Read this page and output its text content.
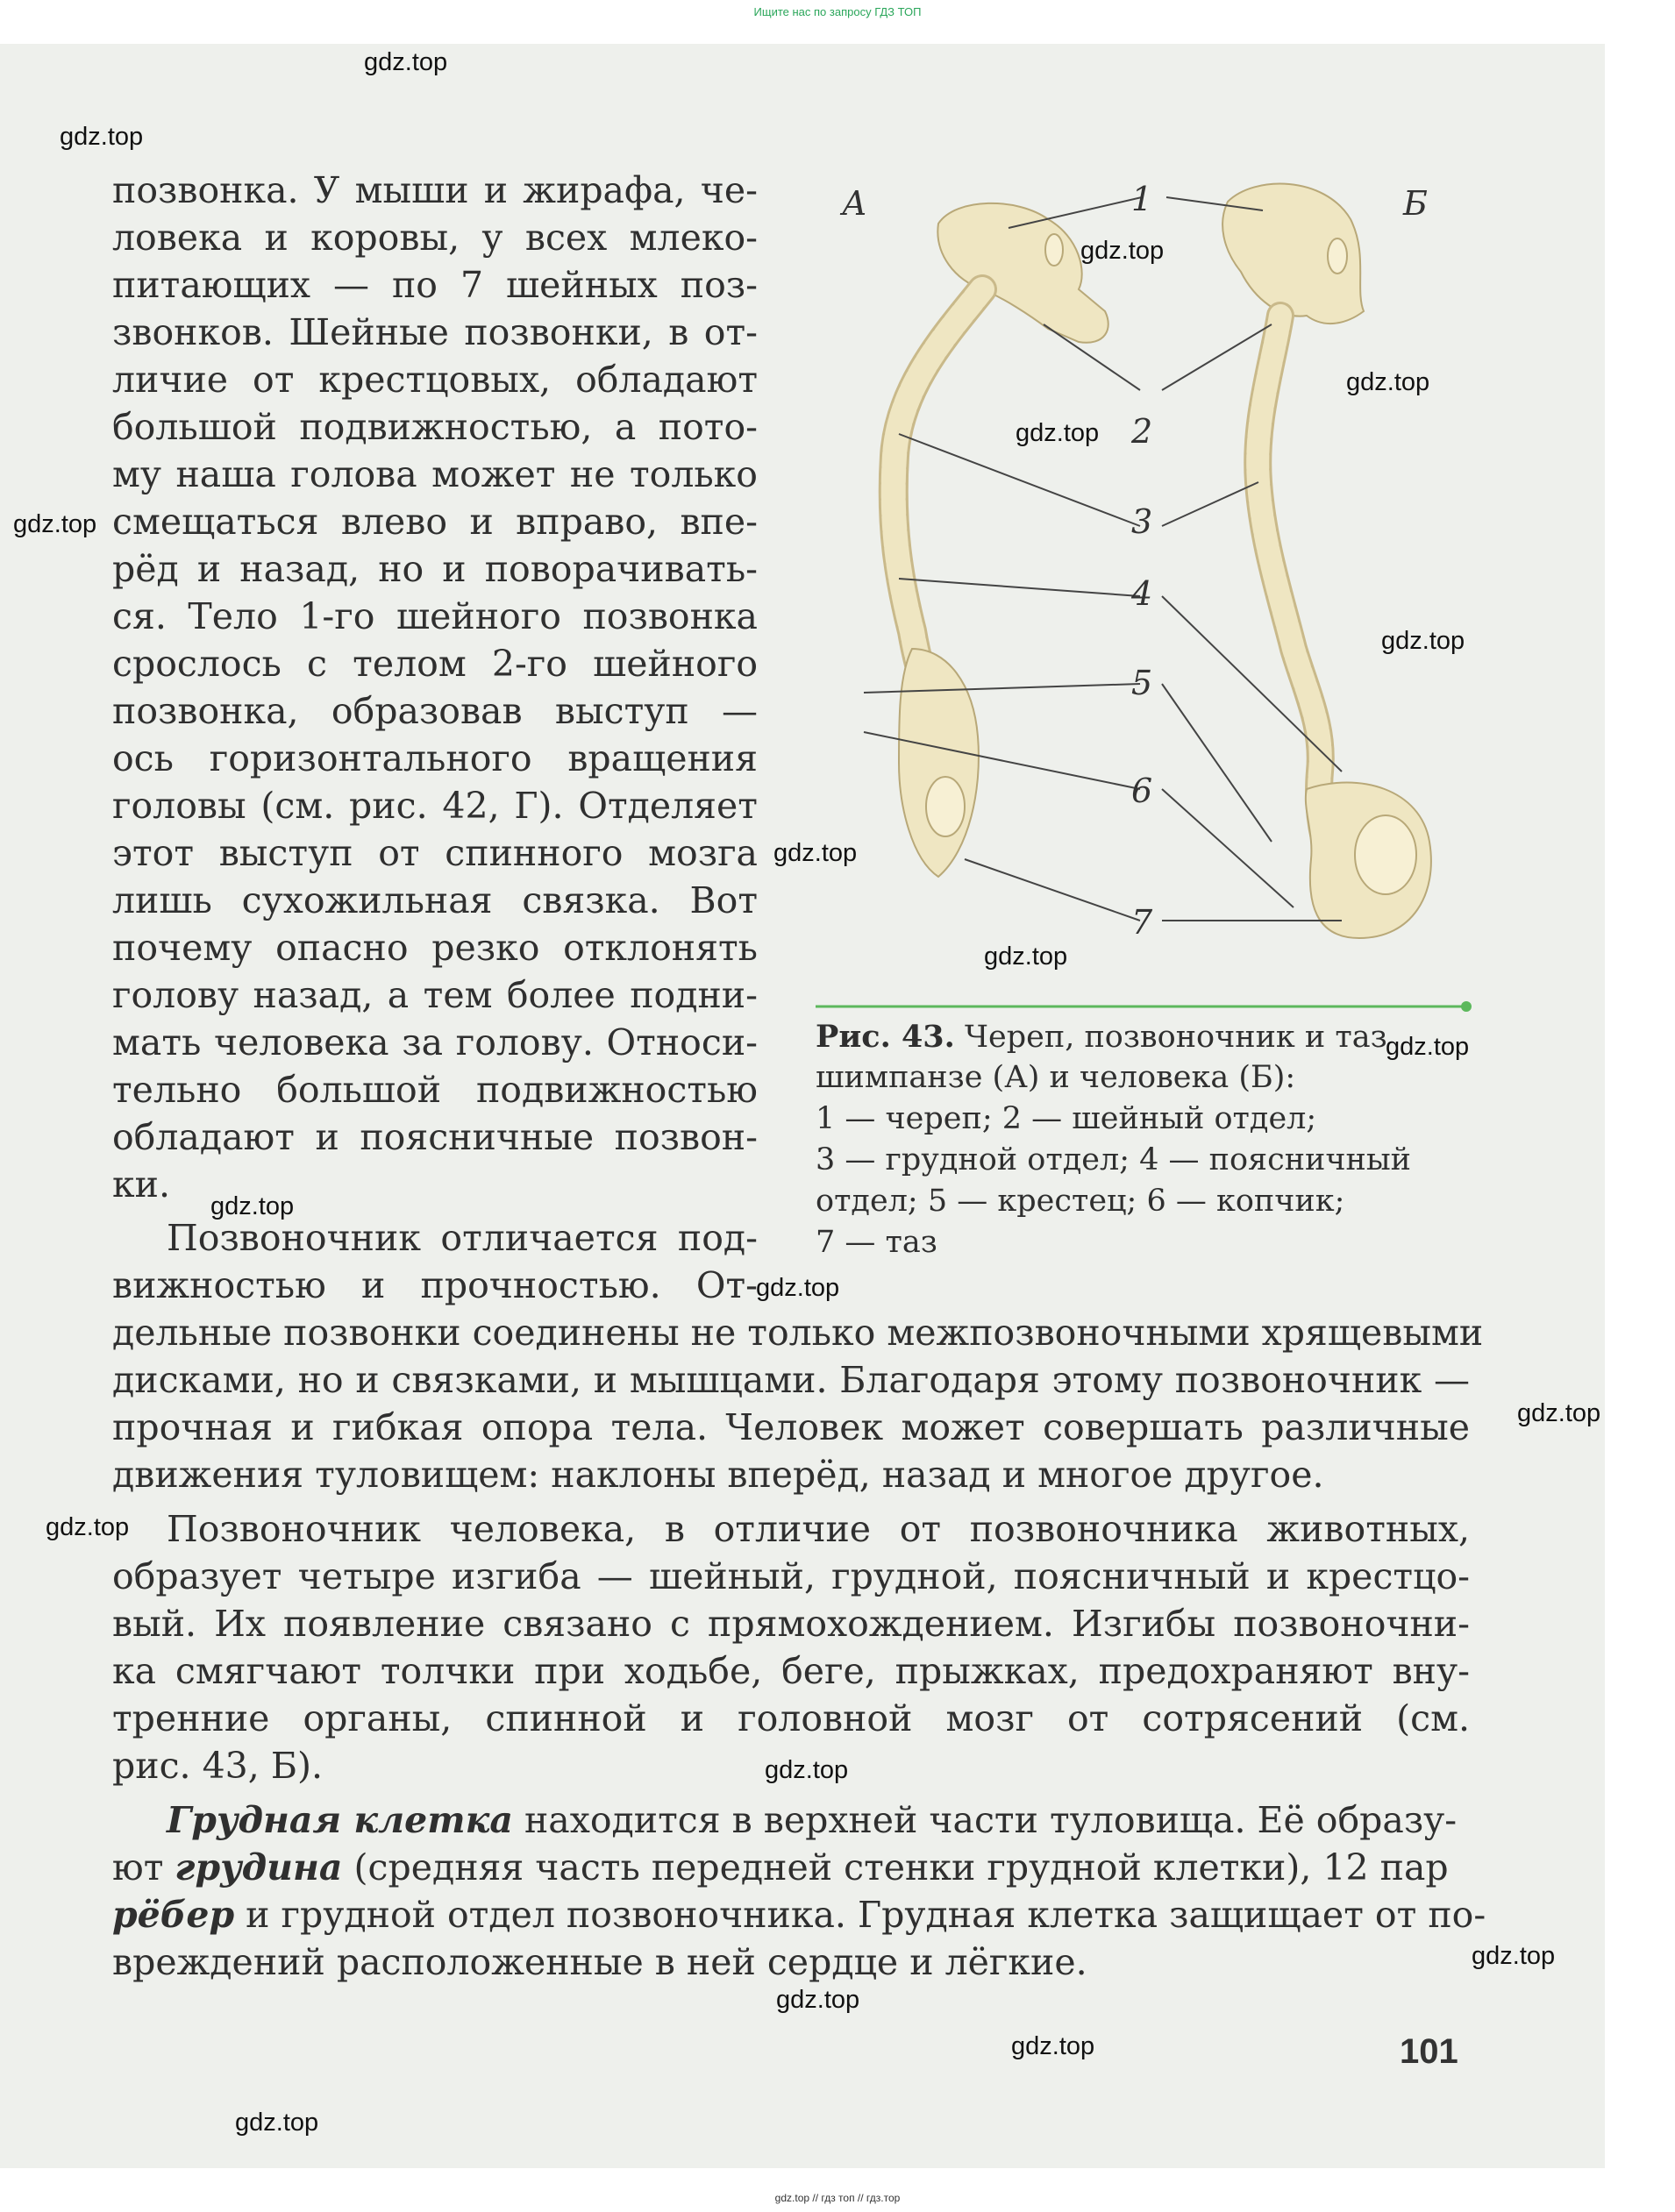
Ищите нас по запросу ГДЗ ТОП
позвонка. У мыши и жирафа, че-
ловека и коровы, у всех млеко-
питающих — по 7 шейных поз-
звонков. Шейные позвонки, в от-
личие от крестцовых, обладают
большой подвижностью, а пото-
му наша голова может не только
смещаться влево и вправо, впе-
рёд и назад, но и поворачивать-
ся. Тело 1-го шейного позвонка
срослось с телом 2-го шейного
позвонка, образовав выступ —
ось горизонтального вращения
головы (см. рис. 42, Г). Отделяет
этот выступ от спинного мозга
лишь сухожильная связка. Вот
почему опасно резко отклонять
голову назад, а тем более подни-
мать человека за голову. Относи-
тельно большой подвижностью
обладают и поясничные позвон-
ки.
Позвоночник отличается под-
вижностью и прочностью. От-
дельные позвонки соединены не только межпозвоночными хрящевыми
дисками, но и связками, и мышцами. Благодаря этому позвоночник —
прочная и гибкая опора тела. Человек может совершать различные
движения туловищем: наклоны вперёд, назад и многое другое.
Позвоночник человека, в отличие от позвоночника животных,
образует четыре изгиба — шейный, грудной, поясничный и крестцо-
вый. Их появление связано с прямохождением. Изгибы позвоночни-
ка смягчают толчки при ходьбе, беге, прыжках, предохраняют вну-
тренние органы, спинной и головной мозг от сотрясений (см.
рис. 43, Б).
Грудная клетка находится в верхней части туловища. Её образу-
ют грудина (средняя часть передней стенки грудной клетки), 12 пар
рёбер и грудной отдел позвоночника. Грудная клетка защищает от по-
вреждений расположенные в ней сердце и лёгкие.
А	Б
1
2
3
4
5
6
7
Рис. 43. Череп, позвоночник и таз
шимпанзе (А) и человека (Б):
1 — череп; 2 — шейный отдел;
3 — грудной отдел; 4 — поясничный
отдел; 5 — крестец; 6 — копчик;
7 — таз
101
gdz.top
gdz.top
gdz.top
gdz.top
gdz.top
gdz.top
gdz.top
gdz.top
gdz.top
gdz.top
gdz.top
gdz.top
gdz.top
gdz.top
gdz.top
gdz.top
gdz.top
gdz.top
gdz.top
gdz.top // гдз топ // гдз.тор
